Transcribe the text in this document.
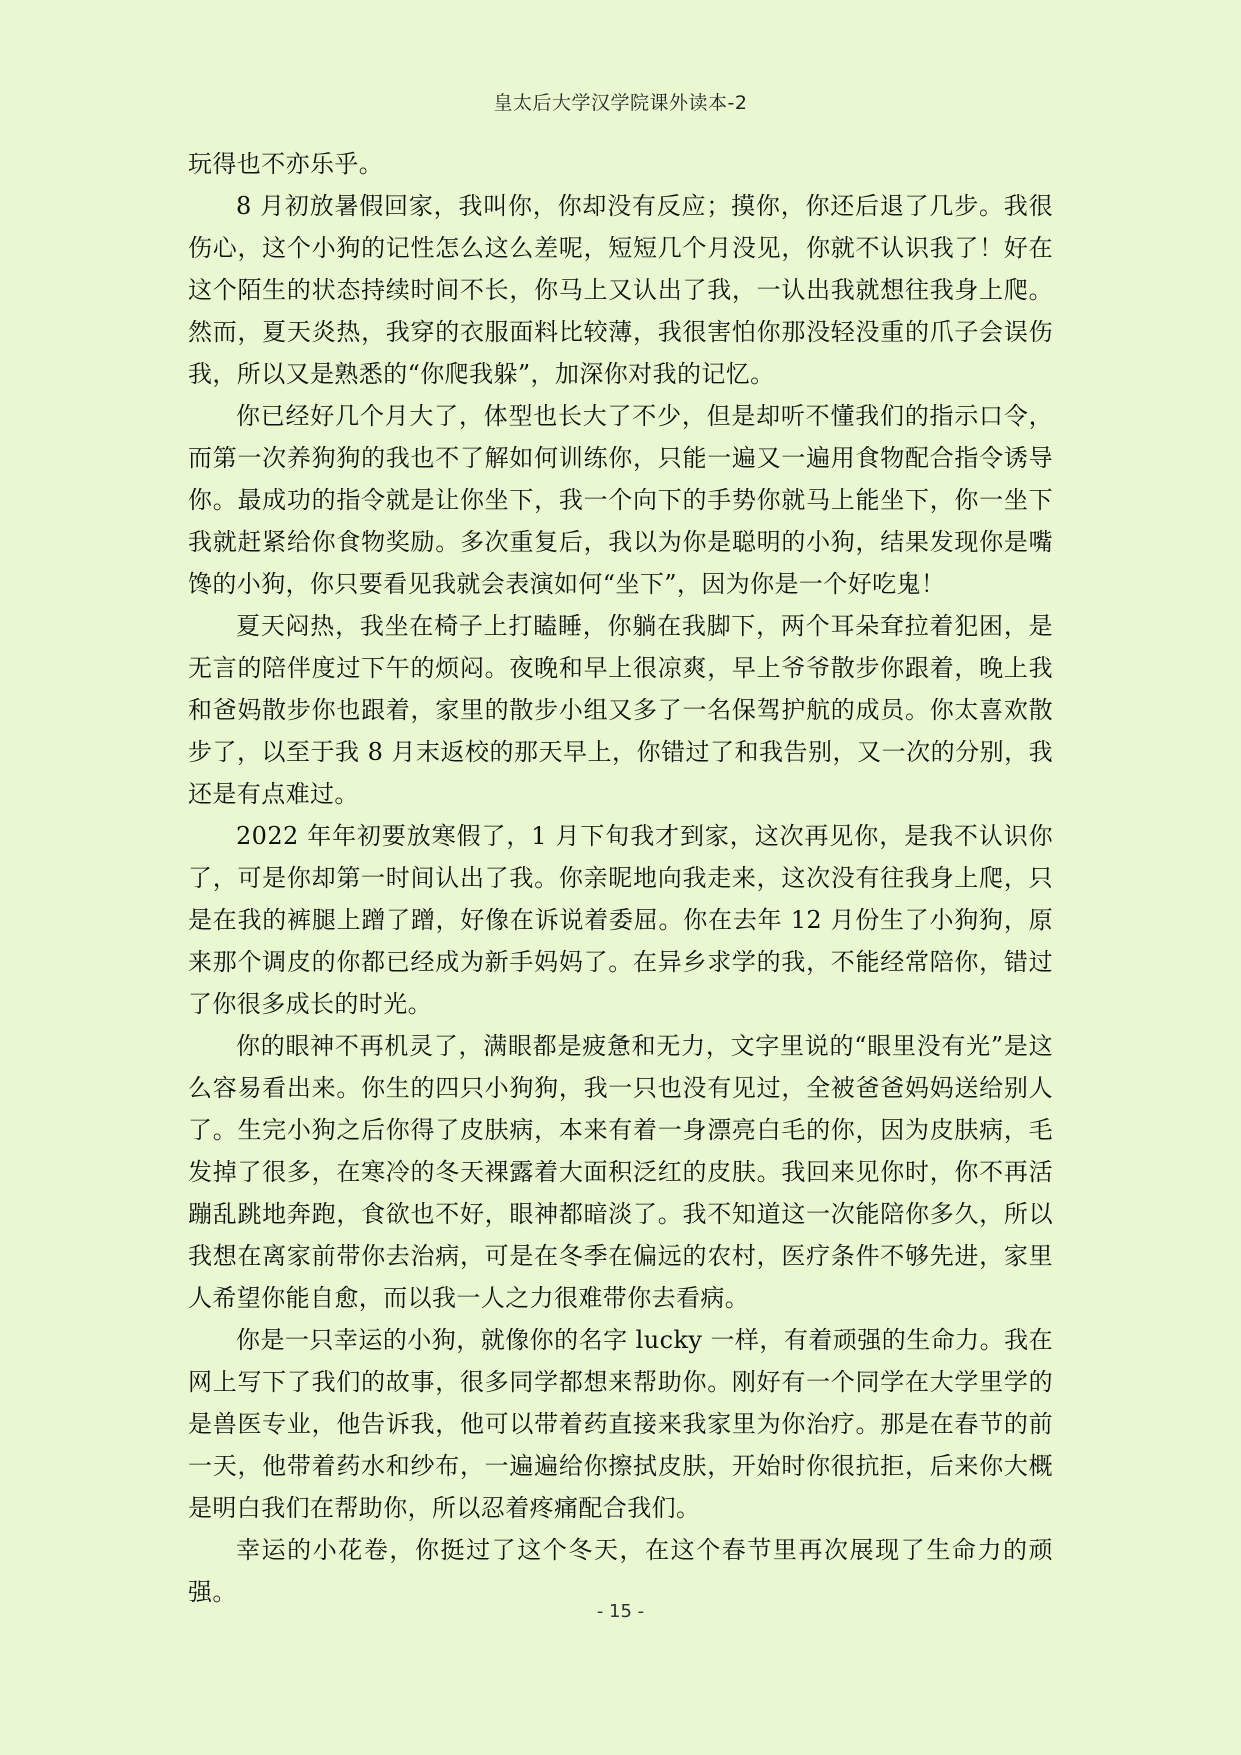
皇太后大学汉学院课外读本-2

玩得也不亦乐乎。

8 月初放暑假回家，我叫你，你却没有反应；摸你，你还后退了几步。我很伤心，这个小狗的记性怎么这么差呢，短短几个月没见，你就不认识我了！好在这个陌生的状态持续时间不长，你马上又认出了我，一认出我就想往我身上爬。然而，夏天炎热，我穿的衣服面料比较薄，我很害怕你那没轻没重的爪子会误伤我，所以又是熟悉的“你爬我躲”，加深你对我的记忆。

你已经好几个月大了，体型也长大了不少，但是却听不懂我们的指示口令，而第一次养狗狗的我也不了解如何训练你，只能一遍又一遍用食物配合指令诱导你。最成功的指令就是让你坐下，我一个向下的手势你就马上能坐下，你一坐下我就赶紧给你食物奖励。多次重复后，我以为你是聪明的小狗，结果发现你是嘴馋的小狗，你只要看见我就会表演如何“坐下”，因为你是一个好吃鬼！

夏天闷热，我坐在椅子上打瞌睡，你躺在我脚下，两个耳朵耷拉着犯困，是无言的陪伴度过下午的烦闷。夜晚和早上很凉爽，早上爷爷散步你跟着，晚上我和爸妈散步你也跟着，家里的散步小组又多了一名保驾护航的成员。你太喜欢散步了，以至于我 8 月末返校的那天早上，你错过了和我告别，又一次的分别，我还是有点难过。

2022 年年初要放寒假了，1 月下旬我才到家，这次再见你，是我不认识你了，可是你却第一时间认出了我。你亲昵地向我走来，这次没有往我身上爬，只是在我的裤腿上蹭了蹭，好像在诉说着委屈。你在去年 12 月份生了小狗狗，原来那个调皮的你都已经成为新手妈妈了。在异乡求学的我，不能经常陪你，错过了你很多成长的时光。

你的眼神不再机灵了，满眼都是疲惫和无力，文字里说的“眼里没有光”是这么容易看出来。你生的四只小狗狗，我一只也没有见过，全被爸爸妈妈送给别人了。生完小狗之后你得了皮肤病，本来有着一身漂亮白毛的你，因为皮肤病，毛发掉了很多，在寒冷的冬天裸露着大面积泛红的皮肤。我回来见你时，你不再活蹦乱跳地奔跑，食欲也不好，眼神都暗淡了。我不知道这一次能陪你多久，所以我想在离家前带你去治病，可是在冬季在偏远的农村，医疗条件不够先进，家里人希望你能自愈，而以我一人之力很难带你去看病。

你是一只幸运的小狗，就像你的名字 lucky 一样，有着顽强的生命力。我在网上写下了我们的故事，很多同学都想来帮助你。刚好有一个同学在大学里学的是兽医专业，他告诉我，他可以带着药直接来我家里为你治疗。那是在春节的前一天，他带着药水和纱布，一遍遍给你擦拭皮肤，开始时你很抗拒，后来你大概是明白我们在帮助你，所以忍着疼痛配合我们。

幸运的小花卷，你挺过了这个冬天，在这个春节里再次展现了生命力的顽强。

- 15 -
